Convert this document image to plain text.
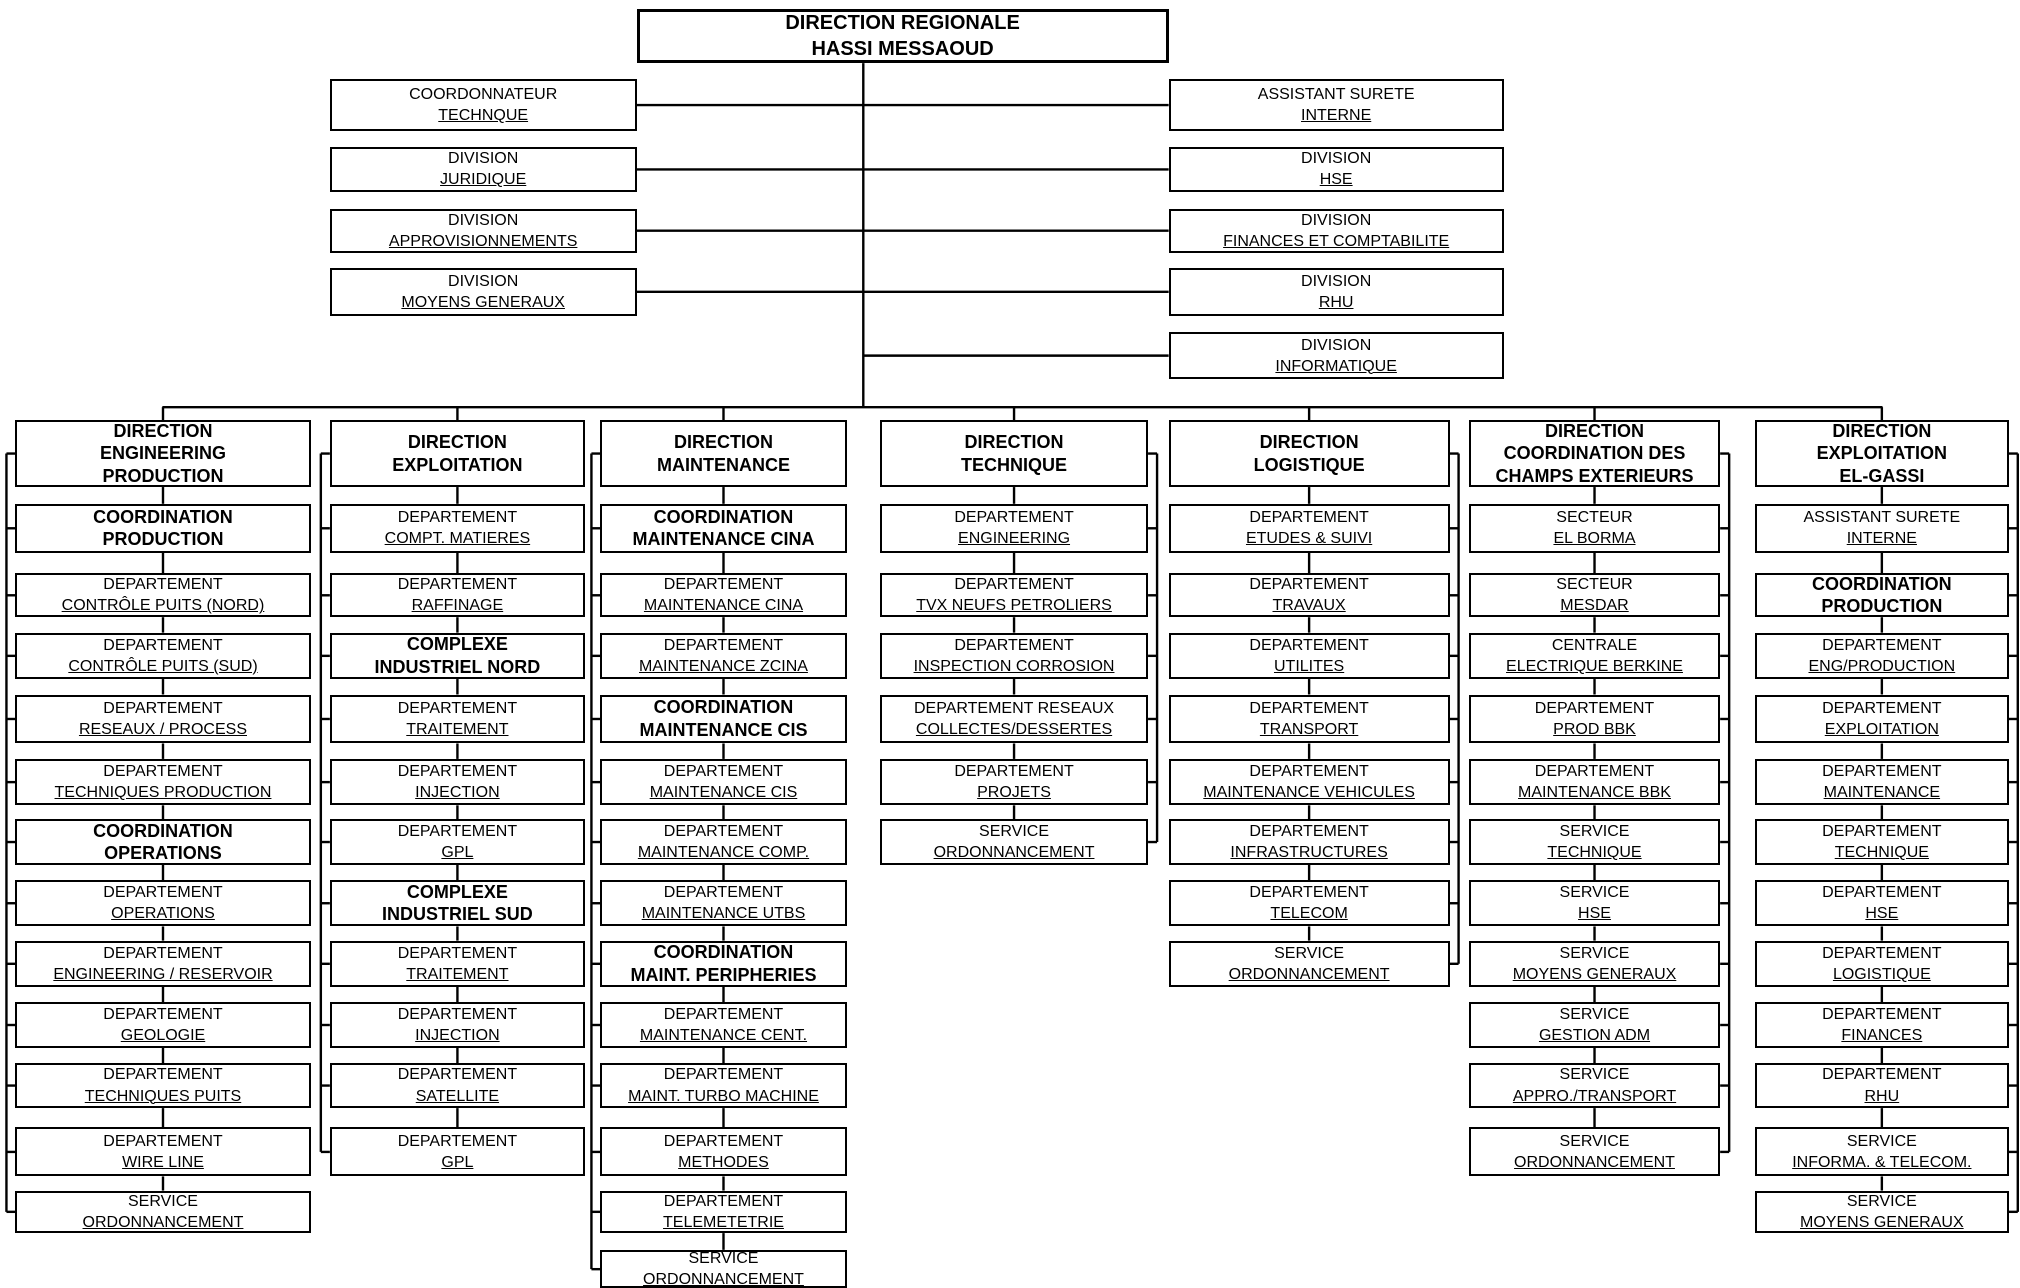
DIRECTION REGIONALE
HASSI MESSAOUD
COORDONNATEUR
TECHNQUE
DIVISION
JURIDIQUE
DIVISION
APPROVISIONNEMENTS
DIVISION
MOYENS GENERAUX
ASSISTANT SURETE
INTERNE
DIVISION
HSE
DIVISION
FINANCES ET COMPTABILITE
DIVISION
RHU
DIVISION
INFORMATIQUE
DIRECTION
ENGINEERING
PRODUCTION
COORDINATION
PRODUCTION
DEPARTEMENT
CONTRÔLE PUITS (NORD)
DEPARTEMENT
CONTRÔLE PUITS (SUD)
DEPARTEMENT
RESEAUX / PROCESS
DEPARTEMENT
TECHNIQUES PRODUCTION
COORDINATION
OPERATIONS
DEPARTEMENT
OPERATIONS
DEPARTEMENT
ENGINEERING / RESERVOIR
DEPARTEMENT
GEOLOGIE
DEPARTEMENT
TECHNIQUES PUITS
DEPARTEMENT
WIRE LINE
SERVICE
ORDONNANCEMENT
DIRECTION
EXPLOITATION
DEPARTEMENT
COMPT. MATIERES
DEPARTEMENT
RAFFINAGE
COMPLEXE
INDUSTRIEL NORD
DEPARTEMENT
TRAITEMENT
DEPARTEMENT
INJECTION
DEPARTEMENT
GPL
COMPLEXE
INDUSTRIEL SUD
DEPARTEMENT
TRAITEMENT
DEPARTEMENT
INJECTION
DEPARTEMENT
SATELLITE
DEPARTEMENT
GPL
DIRECTION
MAINTENANCE
COORDINATION
MAINTENANCE CINA
DEPARTEMENT
MAINTENANCE CINA
DEPARTEMENT
MAINTENANCE ZCINA
COORDINATION
MAINTENANCE CIS
DEPARTEMENT
MAINTENANCE CIS
DEPARTEMENT
MAINTENANCE COMP.
DEPARTEMENT
MAINTENANCE UTBS
COORDINATION
MAINT. PERIPHERIES
DEPARTEMENT
MAINTENANCE CENT.
DEPARTEMENT
MAINT. TURBO MACHINE
DEPARTEMENT
METHODES
DEPARTEMENT
TELEMETETRIE
SERVICE
ORDONNANCEMENT
DIRECTION
TECHNIQUE
DEPARTEMENT
ENGINEERING
DEPARTEMENT
TVX NEUFS PETROLIERS
DEPARTEMENT
INSPECTION CORROSION
DEPARTEMENT RESEAUX
COLLECTES/DESSERTES
DEPARTEMENT
PROJETS
SERVICE
ORDONNANCEMENT
DIRECTION
LOGISTIQUE
DEPARTEMENT
ETUDES & SUIVI
DEPARTEMENT
TRAVAUX
DEPARTEMENT
UTILITES
DEPARTEMENT
TRANSPORT
DEPARTEMENT
MAINTENANCE VEHICULES
DEPARTEMENT
INFRASTRUCTURES
DEPARTEMENT
TELECOM
SERVICE
ORDONNANCEMENT
DIRECTION
COORDINATION DES
CHAMPS EXTERIEURS
SECTEUR
EL BORMA
SECTEUR
MESDAR
CENTRALE
ELECTRIQUE BERKINE
DEPARTEMENT
PROD BBK
DEPARTEMENT
MAINTENANCE BBK
SERVICE
TECHNIQUE
SERVICE
HSE
SERVICE
MOYENS GENERAUX
SERVICE
GESTION ADM
SERVICE
APPRO./TRANSPORT
SERVICE
ORDONNANCEMENT
DIRECTION
EXPLOITATION
EL-GASSI
ASSISTANT SURETE
INTERNE
COORDINATION
PRODUCTION
DEPARTEMENT
ENG/PRODUCTION
DEPARTEMENT
EXPLOITATION
DEPARTEMENT
MAINTENANCE
DEPARTEMENT
TECHNIQUE
DEPARTEMENT
HSE
DEPARTEMENT
LOGISTIQUE
DEPARTEMENT
FINANCES
DEPARTEMENT
RHU
SERVICE
INFORMA. & TELECOM.
SERVICE
MOYENS GENERAUX
